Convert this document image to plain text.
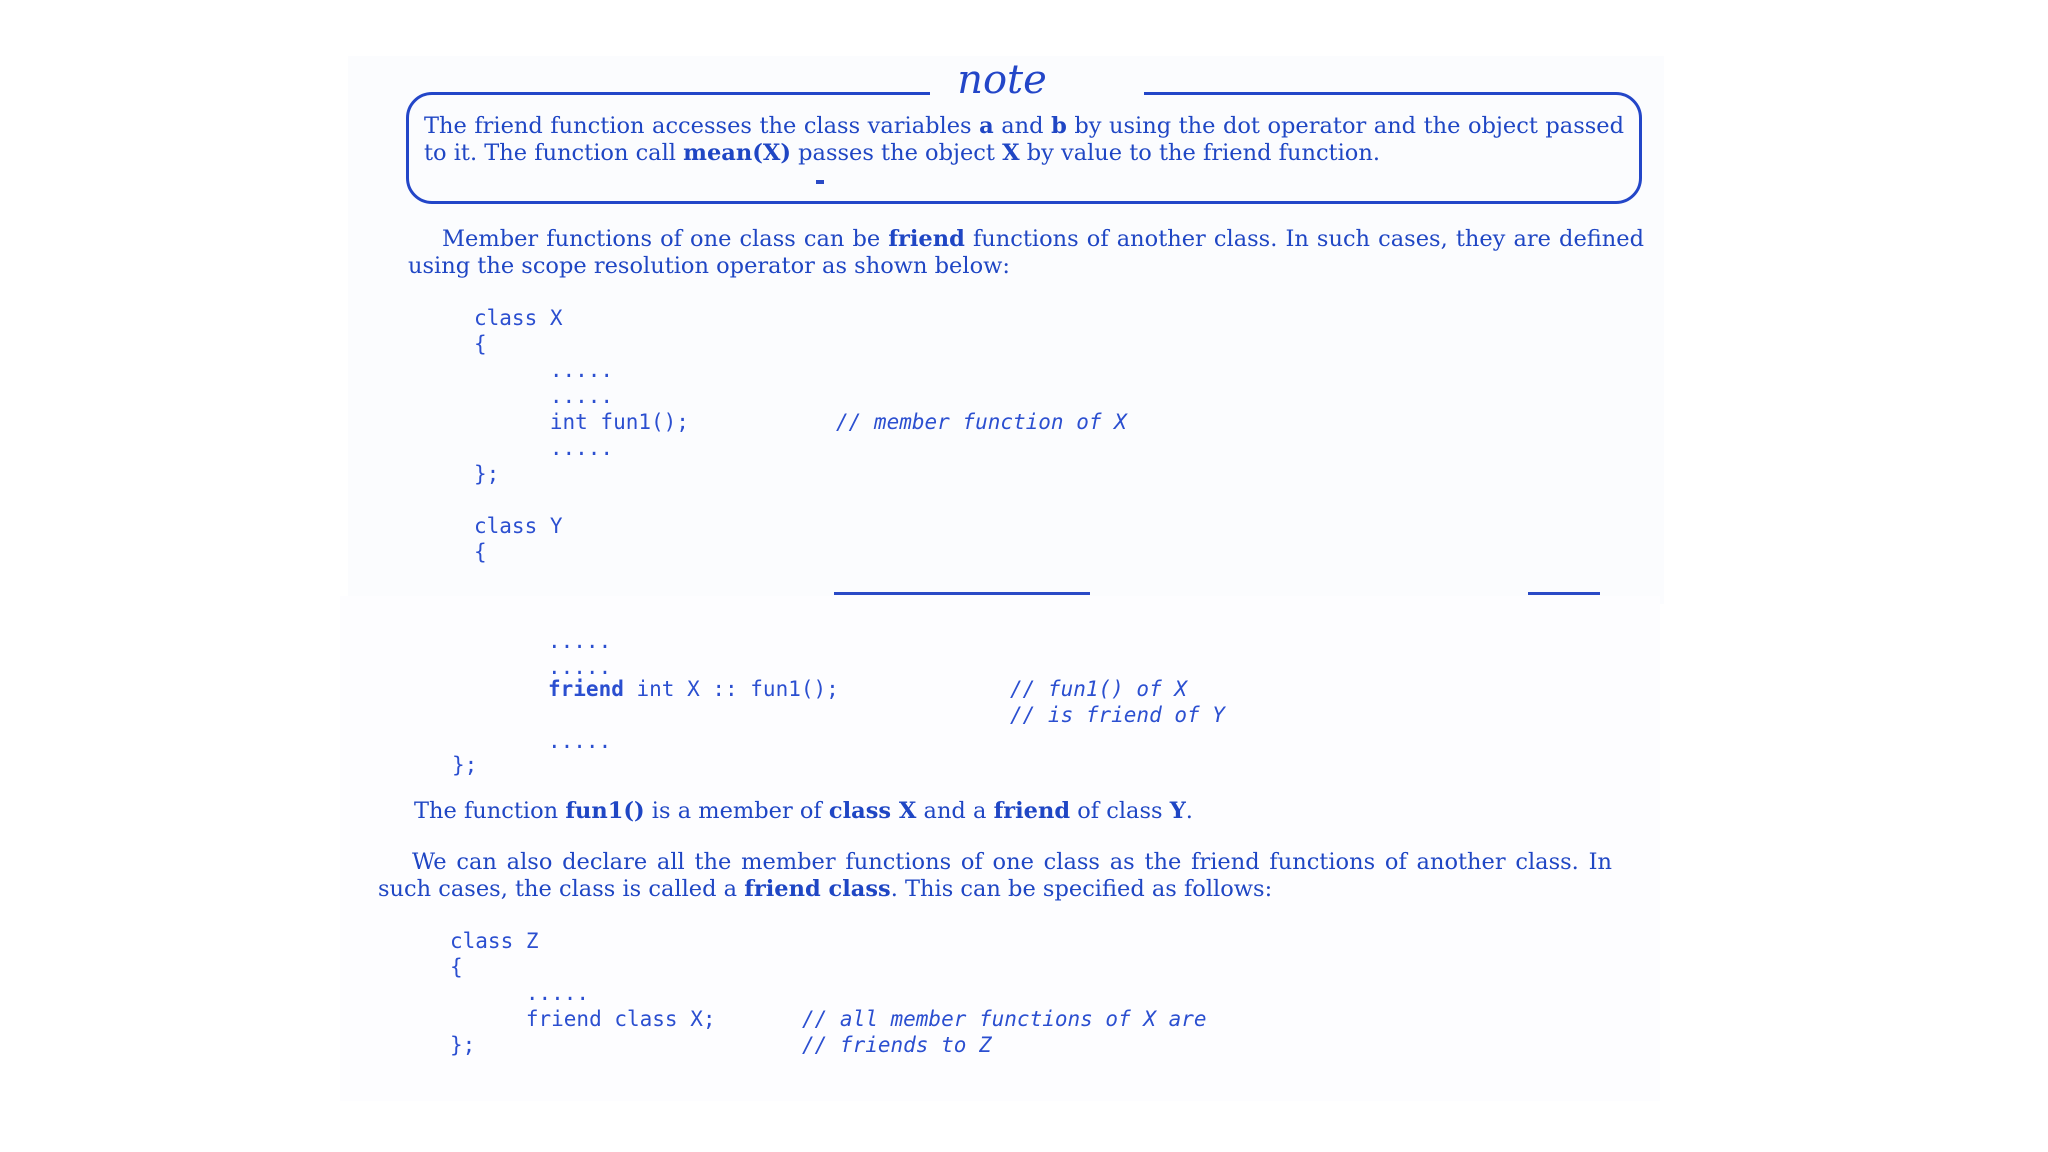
note

The friend function accesses the class variables a and b by using the dot operator and the object passed to it. The function call mean(X) passes the object X by value to the friend function.

Member functions of one class can be friend functions of another class. In such cases, they are defined using the scope resolution operator as shown below:

class X
{
.....
.....
int fun1();
.....
};

class Y
{
// member function of X
.....
.....
friend int X :: fun1();	// fun1() of X
// is friend of Y
.....
};

The function fun1() is a member of class X and a friend of class Y.

We can also declare all the member functions of one class as the friend functions of another class. In such cases, the class is called a friend class. This can be specified as follows:

class Z
{
.....
friend class X;
};
// all member functions of X are
// friends to Z
